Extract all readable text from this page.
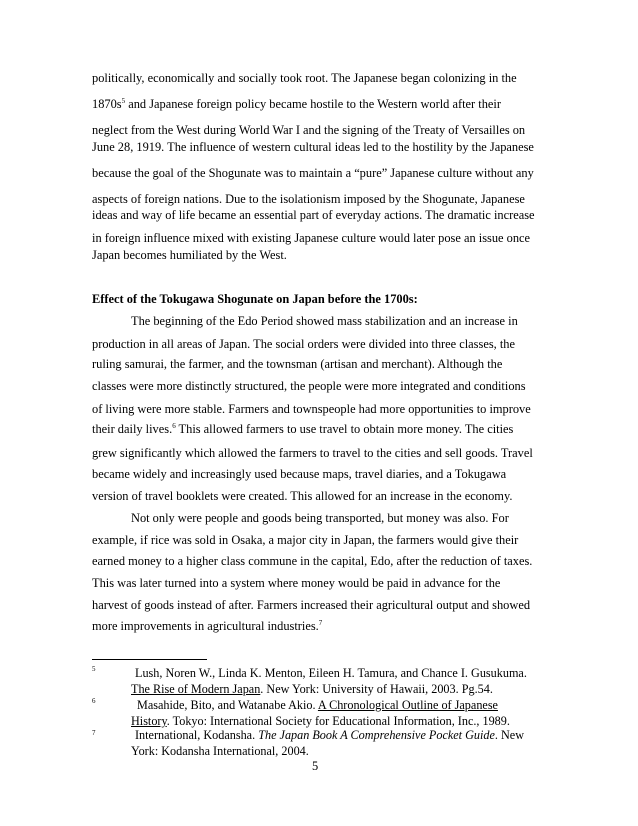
politically, economically and socially took root. The Japanese began colonizing in the
$1870s^5$ and Japanese foreign policy became hostile to the Western world after their
neglect from the West during World War I and the signing of the Treaty of Versailles on
June 28, 1919. The influence of western cultural ideas led to the hostility by the Japanese
because the goal of the Shogunate was to maintain a “pure” Japanese culture without any
aspects of foreign nations. Due to the isolationism imposed by the Shogunate, Japanese
ideas and way of life became an essential part of everyday actions. The dramatic increase
in foreign influence mixed with existing Japanese culture would later pose an issue once
Japan becomes humiliated by the West.
Effect of the Tokugawa Shogunate on Japan before the 1700s:
The beginning of the Edo Period showed mass stabilization and an increase in
production in all areas of Japan. The social orders were divided into three classes, the
ruling samurai, the farmer, and the townsman (artisan and merchant). Although the
classes were more distinctly structured, the people were more integrated and conditions
of living were more stable. Farmers and townspeople had more opportunities to improve
their daily lives.$^6$ This allowed farmers to use travel to obtain more money. The cities
grew significantly which allowed the farmers to travel to the cities and sell goods. Travel
became widely and increasingly used because maps, travel diaries, and a Tokugawa
version of travel booklets were created. This allowed for an increase in the economy.
Not only were people and goods being transported, but money was also. For
example, if rice was sold in Osaka, a major city in Japan, the farmers would give their
earned money to a higher class commune in the capital, Edo, after the reduction of taxes.
This was later turned into a system where money would be paid in advance for the
harvest of goods instead of after. Farmers increased their agricultural output and showed
more improvements in agricultural industries.$^7$
5	Lush, Noren W., Linda K. Menton, Eileen H. Tamura, and Chance I. Gusukuma.
The Rise of Modern Japan. New York: University of Hawaii, 2003. Pg.54.
6	Masahide, Bito, and Watanabe Akio. A Chronological Outline of Japanese
History. Tokyo: International Society for Educational Information, Inc., 1989.
7	International, Kodansha. The Japan Book A Comprehensive Pocket Guide. New
York: Kodansha International, 2004.
5
